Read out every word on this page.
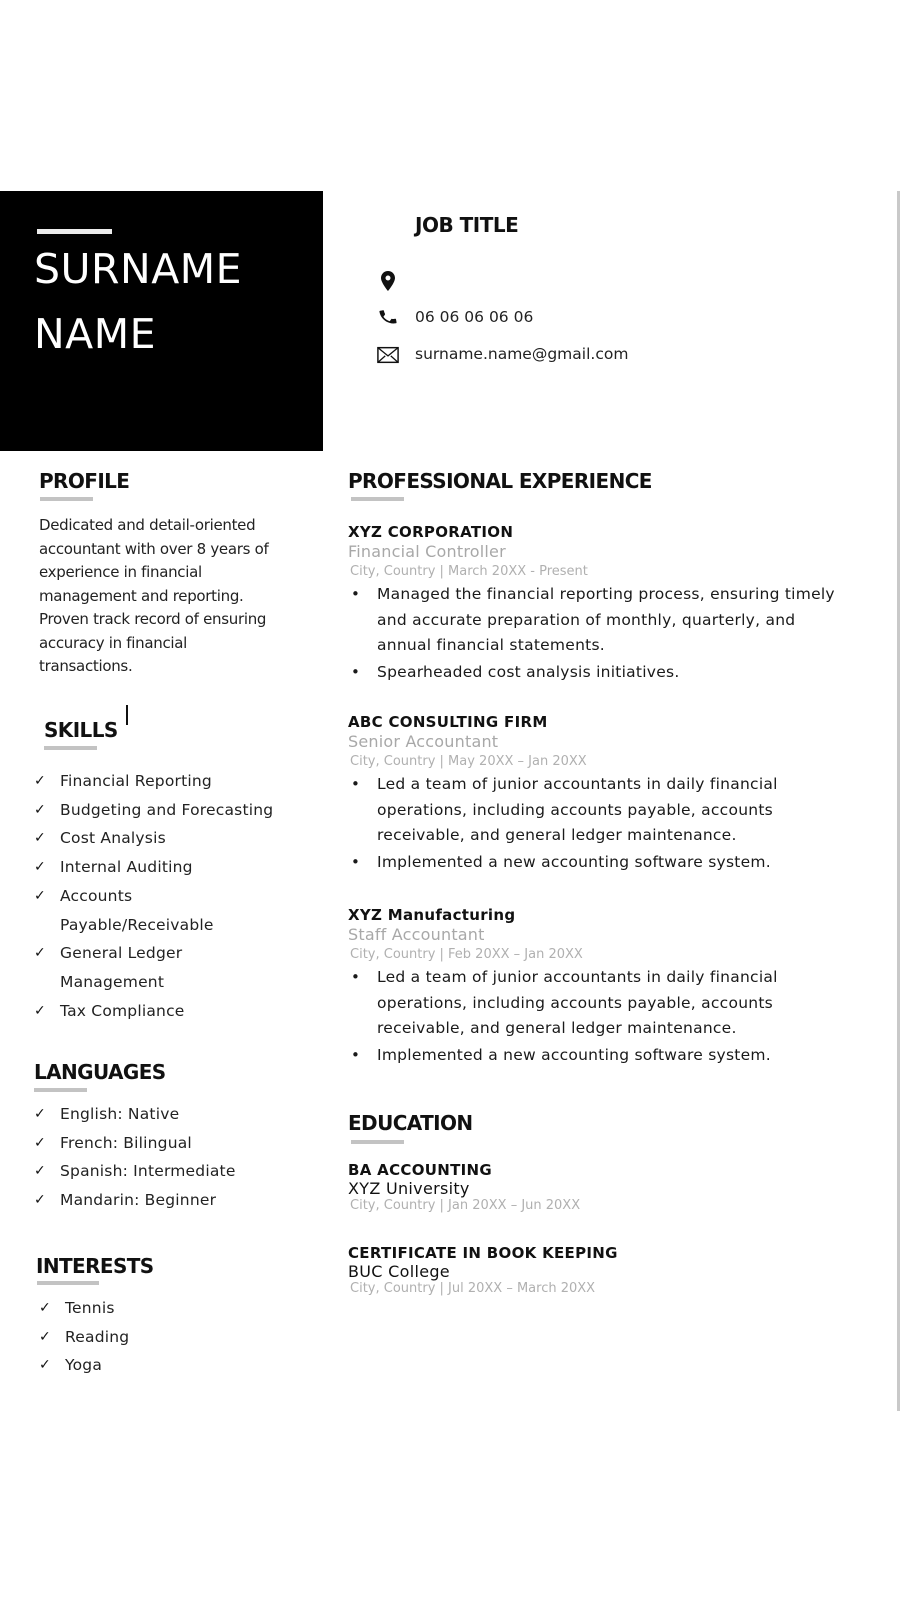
SURNAME
NAME
JOB TITLE
06 06 06 06 06
surname.name@gmail.com
PROFILE
Dedicated and detail-oriented
accountant with over 8 years of
experience in financial
management and reporting.
Proven track record of ensuring
accuracy in financial
transactions.
SKILLS
✓ Financial Reporting
✓ Budgeting and Forecasting
✓ Cost Analysis
✓ Internal Auditing
✓ Accounts Payable/Receivable
✓ General Ledger Management
✓ Tax Compliance
LANGUAGES
✓ English: Native
✓ French: Bilingual
✓ Spanish: Intermediate
✓ Mandarin: Beginner
INTERESTS
✓ Tennis
✓ Reading
✓ Yoga
PROFESSIONAL EXPERIENCE
XYZ CORPORATION
Financial Controller
City, Country | March 20XX - Present
• Managed the financial reporting process, ensuring timely and accurate preparation of monthly, quarterly, and annual financial statements.
• Spearheaded cost analysis initiatives.
ABC CONSULTING FIRM
Senior Accountant
City, Country | May 20XX – Jan 20XX
• Led a team of junior accountants in daily financial operations, including accounts payable, accounts receivable, and general ledger maintenance.
• Implemented a new accounting software system.
XYZ Manufacturing
Staff Accountant
City, Country | Feb 20XX – Jan 20XX
• Led a team of junior accountants in daily financial operations, including accounts payable, accounts receivable, and general ledger maintenance.
• Implemented a new accounting software system.
EDUCATION
BA ACCOUNTING
XYZ University
City, Country | Jan 20XX – Jun 20XX
CERTIFICATE IN BOOK KEEPING
BUC College
City, Country | Jul 20XX – March 20XX
